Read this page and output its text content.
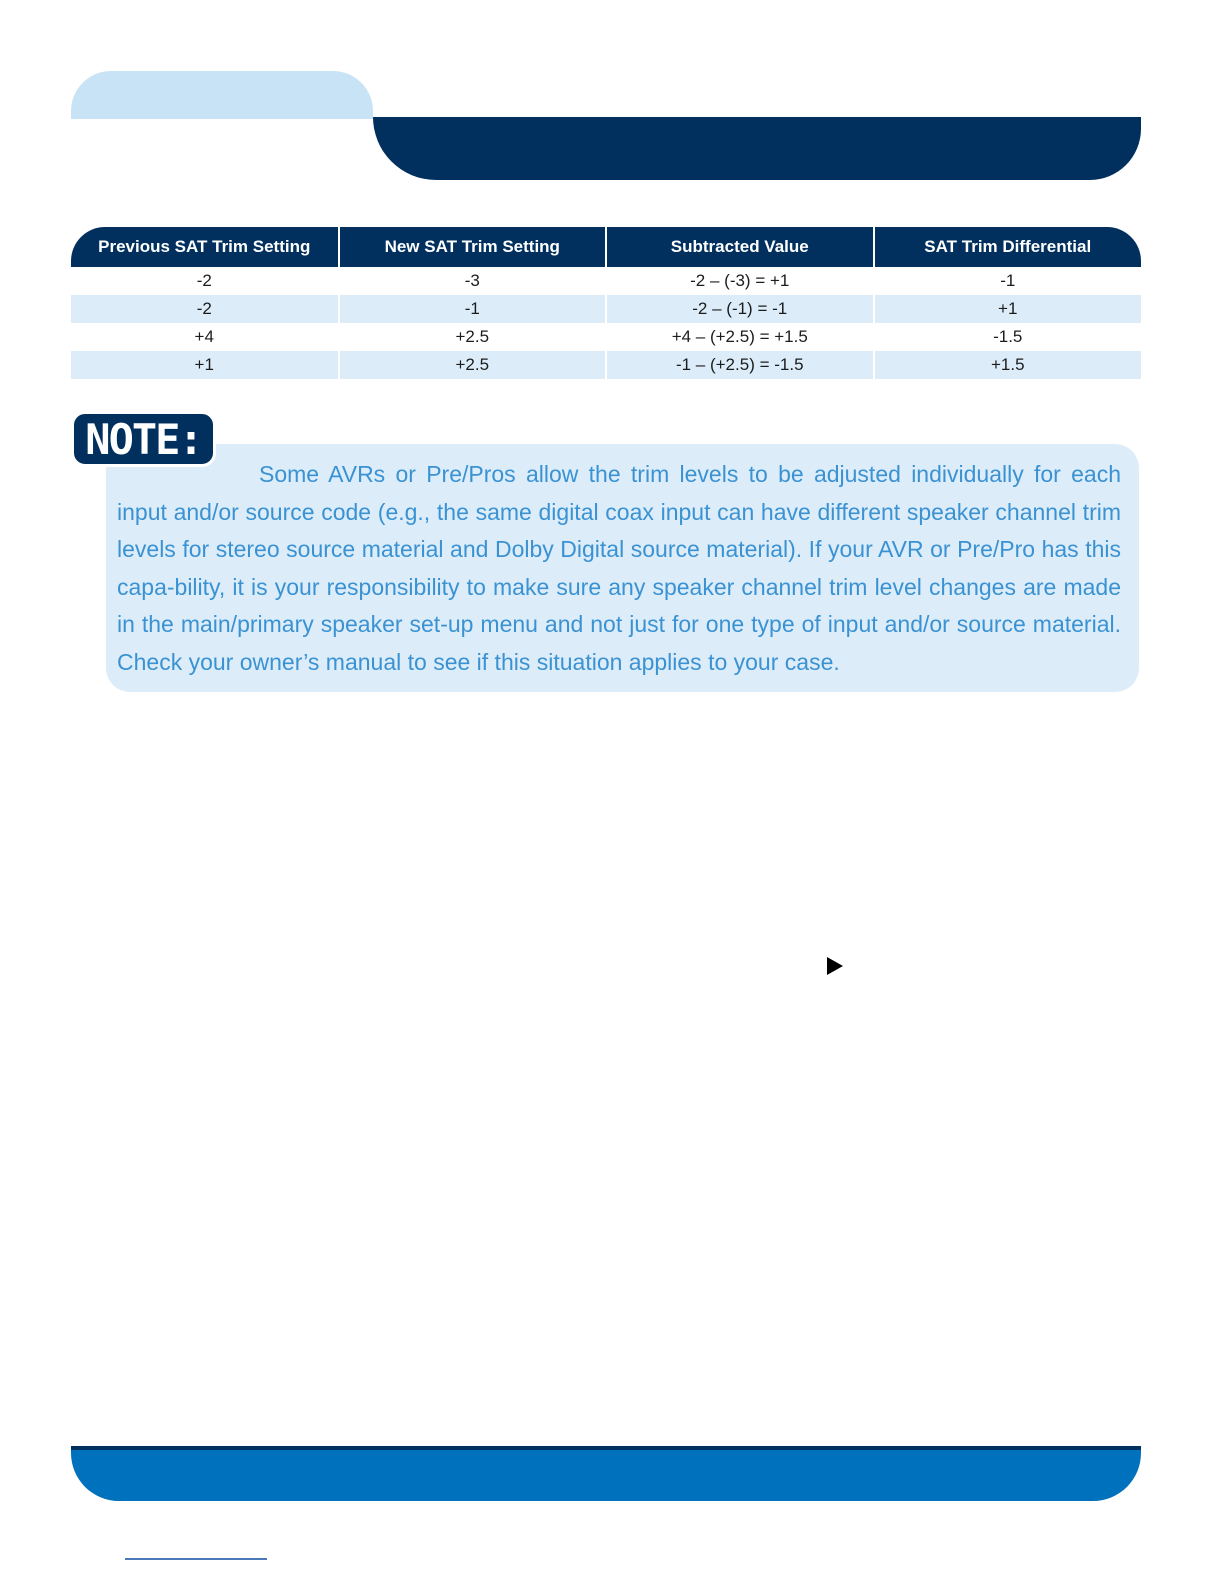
Previous SAT Trim Setting	New SAT Trim Setting	Subtracted Value	SAT Trim Differential
-2	-3	-2 – (-3) = +1	-1
-2	-1	-2 – (-1) = -1	+1
+4	+2.5	+4 – (+2.5) = +1.5	-1.5
+1	+2.5	-1 – (+2.5) = -1.5	+1.5
NOTE:

Some AVRs or Pre/Pros allow the trim levels to be adjusted individually for each input and/or source code (e.g., the same digital coax input can have different speaker channel trim levels for stereo source material and Dolby Digital source material). If your AVR or Pre/Pro has this capa-bility, it is your responsibility to make sure any speaker channel trim level changes are made in the main/primary speaker set-up menu and not just for one type of input and/or source material. Check your owner’s manual to see if this situation applies to your case.
